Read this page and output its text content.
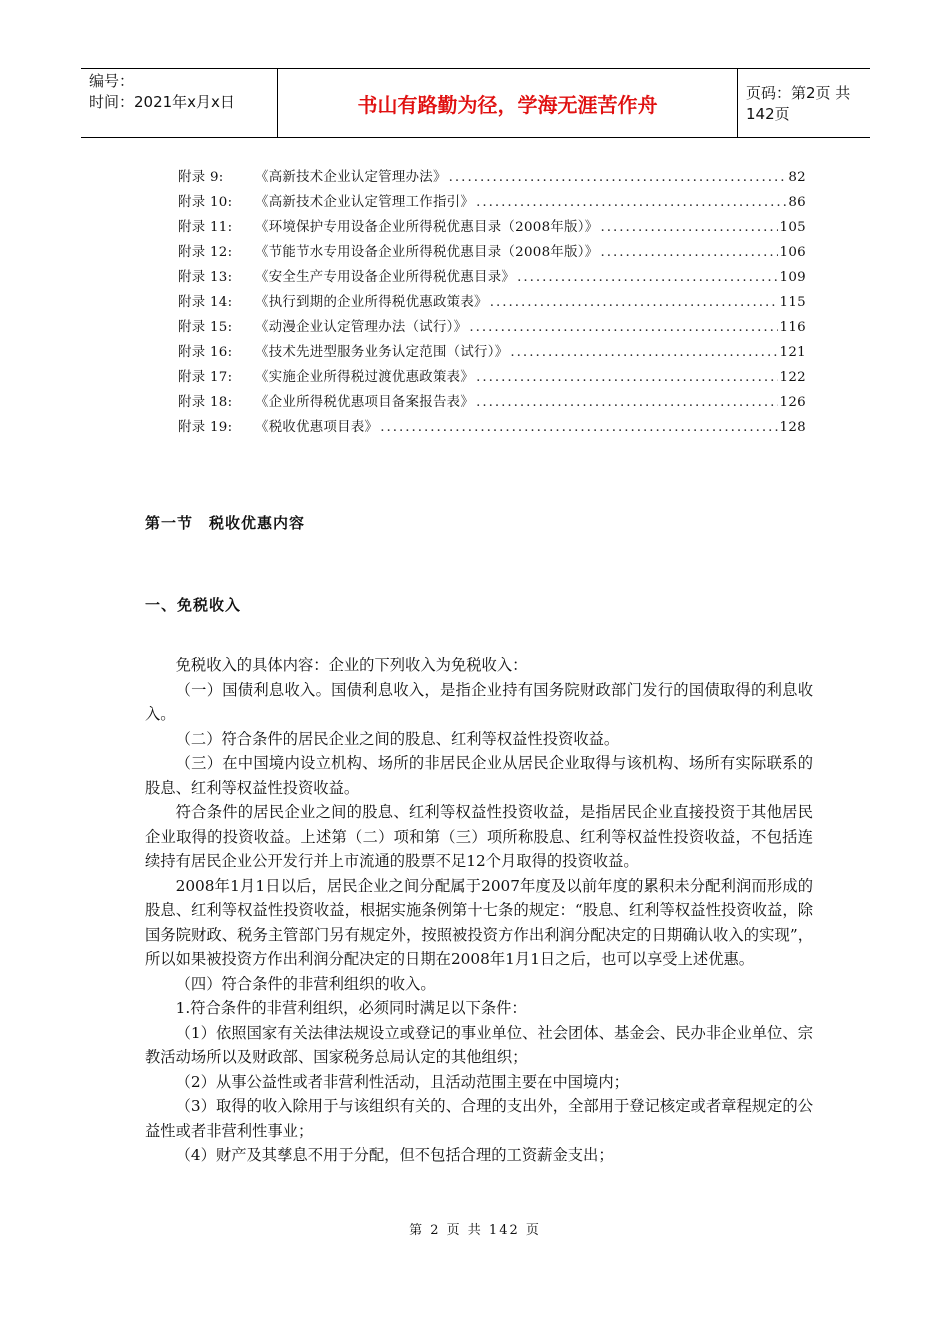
编号：
时间：2021年x月x日	书山有路勤为径，学海无涯苦作舟	页码：第2页 共142页
附录 9:	《高新技术企业认定管理办法》 .....	82
附录 10:	《高新技术企业认定管理工作指引》 .....	86
附录 11:	《环境保护专用设备企业所得税优惠目录（2008年版）》 .....	105
附录 12:	《节能节水专用设备企业所得税优惠目录（2008年版）》 .....	106
附录 13:	《安全生产专用设备企业所得税优惠目录》 .....	109
附录 14:	《执行到期的企业所得税优惠政策表》 .....	115
附录 15:	《动漫企业认定管理办法（试行）》 .....	116
附录 16:	《技术先进型服务业务认定范围（试行）》 .....	121
附录 17:	《实施企业所得税过渡优惠政策表》 .....	122
附录 18:	《企业所得税优惠项目备案报告表》 .....	126
附录 19:	《税收优惠项目表》 .....	128
第一节　税收优惠内容
一、免税收入

免税收入的具体内容：企业的下列收入为免税收入：

（一）国债利息收入。国债利息收入，是指企业持有国务院财政部门发行的国债取得的利息收入。

（二）符合条件的居民企业之间的股息、红利等权益性投资收益。

（三）在中国境内设立机构、场所的非居民企业从居民企业取得与该机构、场所有实际联系的股息、红利等权益性投资收益。

符合条件的居民企业之间的股息、红利等权益性投资收益，是指居民企业直接投资于其他居民企业取得的投资收益。上述第（二）项和第（三）项所称股息、红利等权益性投资收益，不包括连续持有居民企业公开发行并上市流通的股票不足12个月取得的投资收益。

2008年1月1日以后，居民企业之间分配属于2007年度及以前年度的累积未分配利润而形成的股息、红利等权益性投资收益，根据实施条例第十七条的规定：“股息、红利等权益性投资收益，除国务院财政、税务主管部门另有规定外，按照被投资方作出利润分配决定的日期确认收入的实现”，所以如果被投资方作出利润分配决定的日期在2008年1月1日之后，也可以享受上述优惠。

（四）符合条件的非营利组织的收入。

1.符合条件的非营利组织，必须同时满足以下条件：

（1）依照国家有关法律法规设立或登记的事业单位、社会团体、基金会、民办非企业单位、宗教活动场所以及财政部、国家税务总局认定的其他组织；

（2）从事公益性或者非营利性活动，且活动范围主要在中国境内；

（3）取得的收入除用于与该组织有关的、合理的支出外，全部用于登记核定或者章程规定的公益性或者非营利性事业；

（4）财产及其孳息不用于分配，但不包括合理的工资薪金支出；

第 2 页 共 142 页
